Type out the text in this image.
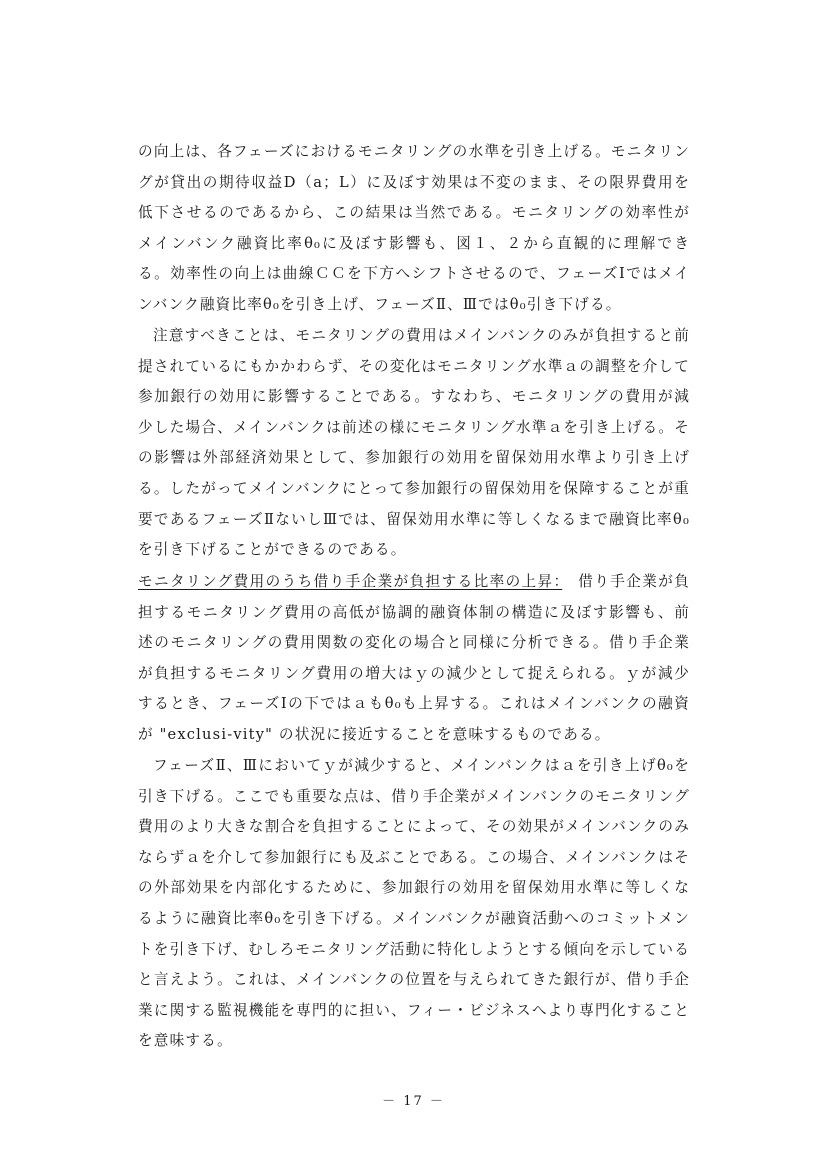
の向上は、各フェーズにおけるモニタリングの水準を引き上げる。モニタリングが貸出の期待収益D（a；L）に及ぼす効果は不変のまま、その限界費用を低下させるのであるから、この結果は当然である。モニタリングの効率性がメインバンク融資比率θ₀に及ぼす影響も、図１、２から直観的に理解できる。効率性の向上は曲線ＣＣを下方へシフトさせるので、フェーズⅠではメインバンク融資比率θ₀を引き上げ、フェーズⅡ、Ⅲではθ₀引き下げる。

注意すべきことは、モニタリングの費用はメインバンクのみが負担すると前提されているにもかかわらず、その変化はモニタリング水準ａの調整を介して参加銀行の効用に影響することである。すなわち、モニタリングの費用が減少した場合、メインバンクは前述の様にモニタリング水準ａを引き上げる。その影響は外部経済効果として、参加銀行の効用を留保効用水準より引き上げる。したがってメインバンクにとって参加銀行の留保効用を保障することが重要であるフェーズⅡないしⅢでは、留保効用水準に等しくなるまで融資比率θ₀を引き下げることができるのである。

モニタリング費用のうち借り手企業が負担する比率の上昇：　借り手企業が負担するモニタリング費用の高低が協調的融資体制の構造に及ぼす影響も、前述のモニタリングの費用関数の変化の場合と同様に分析できる。借り手企業が負担するモニタリング費用の増大はｙの減少として捉えられる。ｙが減少するとき、フェーズⅠの下ではａもθ₀も上昇する。これはメインバンクの融資が "exclusi-vity" の状況に接近することを意味するものである。

フェーズⅡ、Ⅲにおいてｙが減少すると、メインバンクはａを引き上げθ₀を引き下げる。ここでも重要な点は、借り手企業がメインバンクのモニタリング費用のより大きな割合を負担することによって、その効果がメインバンクのみならずａを介して参加銀行にも及ぶことである。この場合、メインバンクはその外部効果を内部化するために、参加銀行の効用を留保効用水準に等しくなるように融資比率θ₀を引き下げる。メインバンクが融資活動へのコミットメントを引き下げ、むしろモニタリング活動に特化しようとする傾向を示していると言えよう。これは、メインバンクの位置を与えられてきた銀行が、借り手企業に関する監視機能を専門的に担い、フィー・ビジネスへより専門化することを意味する。

－ 17 －
